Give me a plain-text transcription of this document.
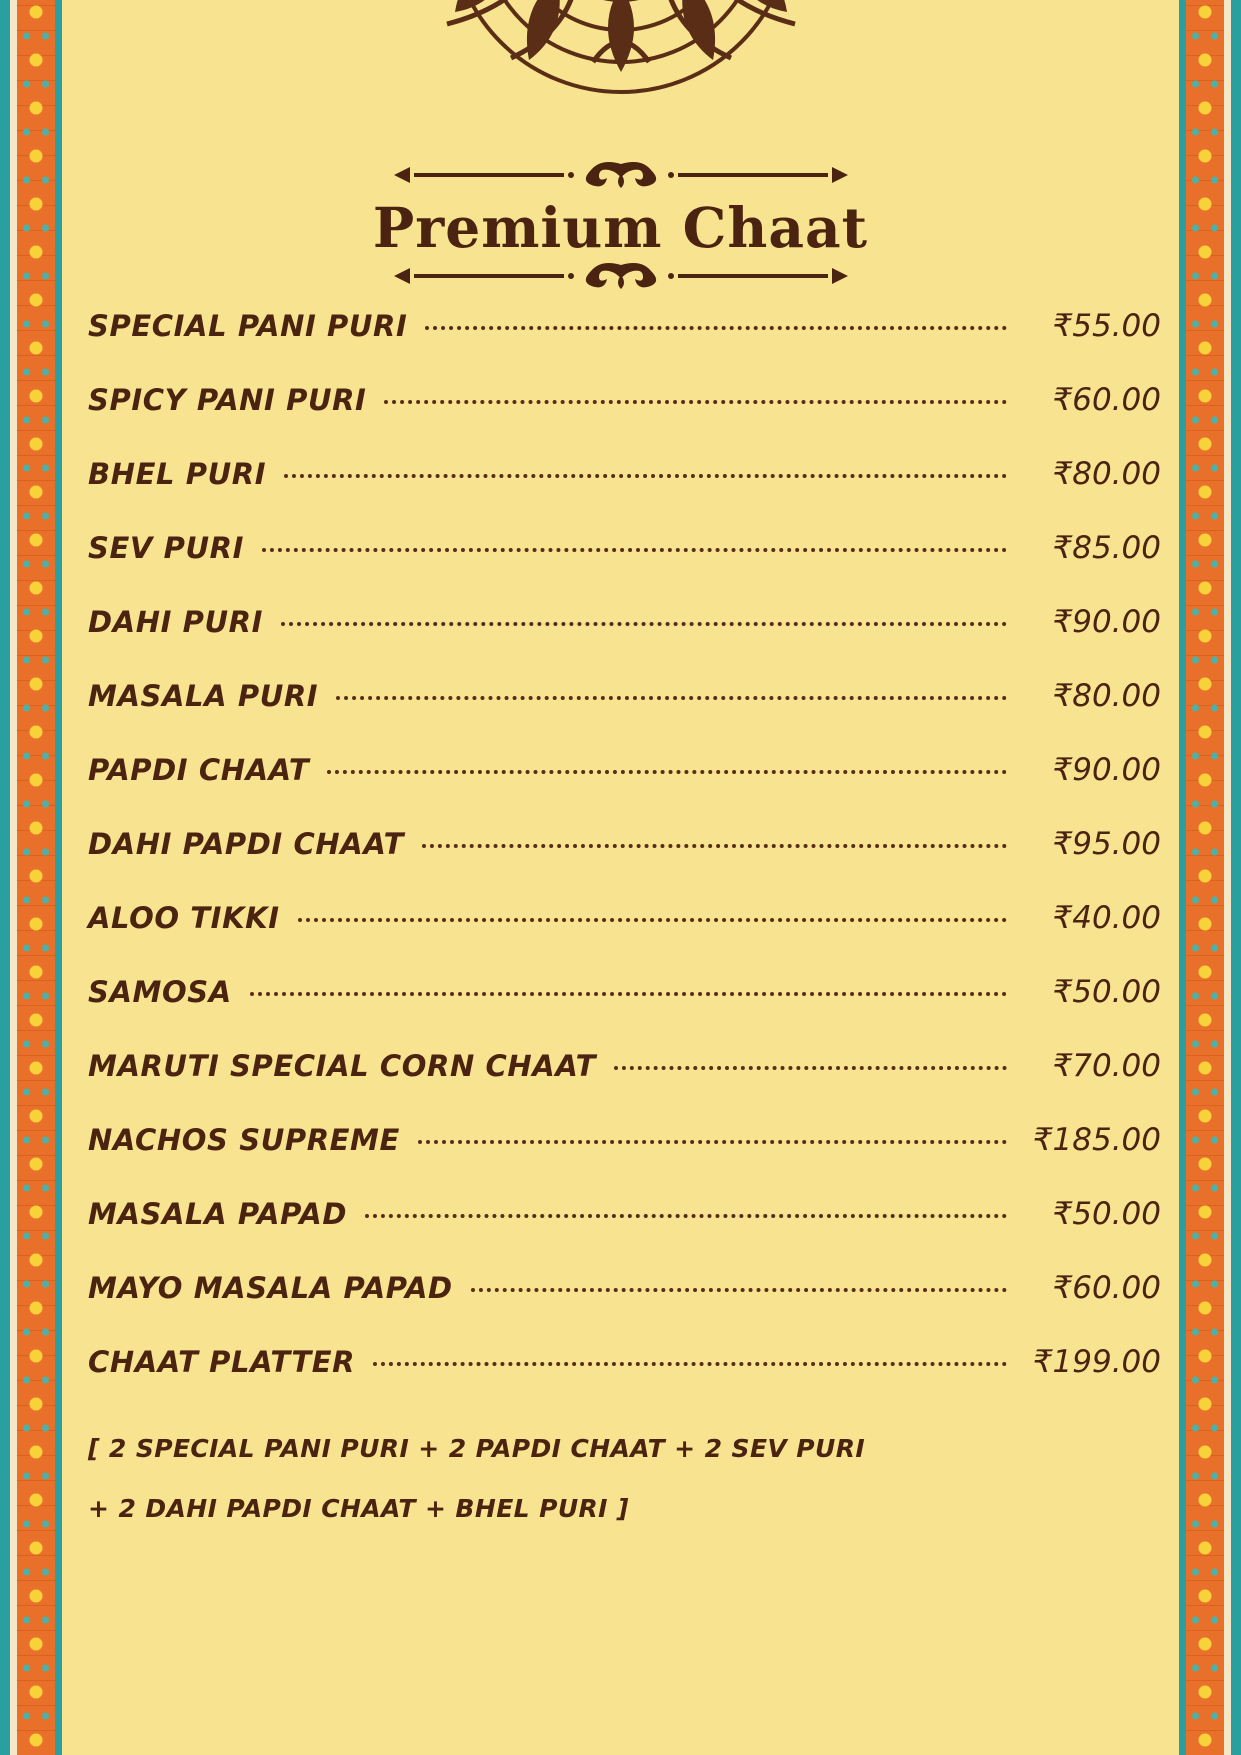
Premium Chaat
SPECIAL PANI PURI	₹55.00
SPICY PANI PURI	₹60.00
BHEL PURI	₹80.00
SEV PURI	₹85.00
DAHI PURI	₹90.00
MASALA PURI	₹80.00
PAPDI CHAAT	₹90.00
DAHI PAPDI CHAAT	₹95.00
ALOO TIKKI	₹40.00
SAMOSA	₹50.00
MARUTI SPECIAL CORN CHAAT	₹70.00
NACHOS SUPREME	₹185.00
MASALA PAPAD	₹50.00
MAYO MASALA PAPAD	₹60.00
CHAAT PLATTER	₹199.00
[ 2 SPECIAL PANI PURI + 2 PAPDI CHAAT + 2 SEV PURI
+ 2 DAHI PAPDI CHAAT + BHEL PURI ]
